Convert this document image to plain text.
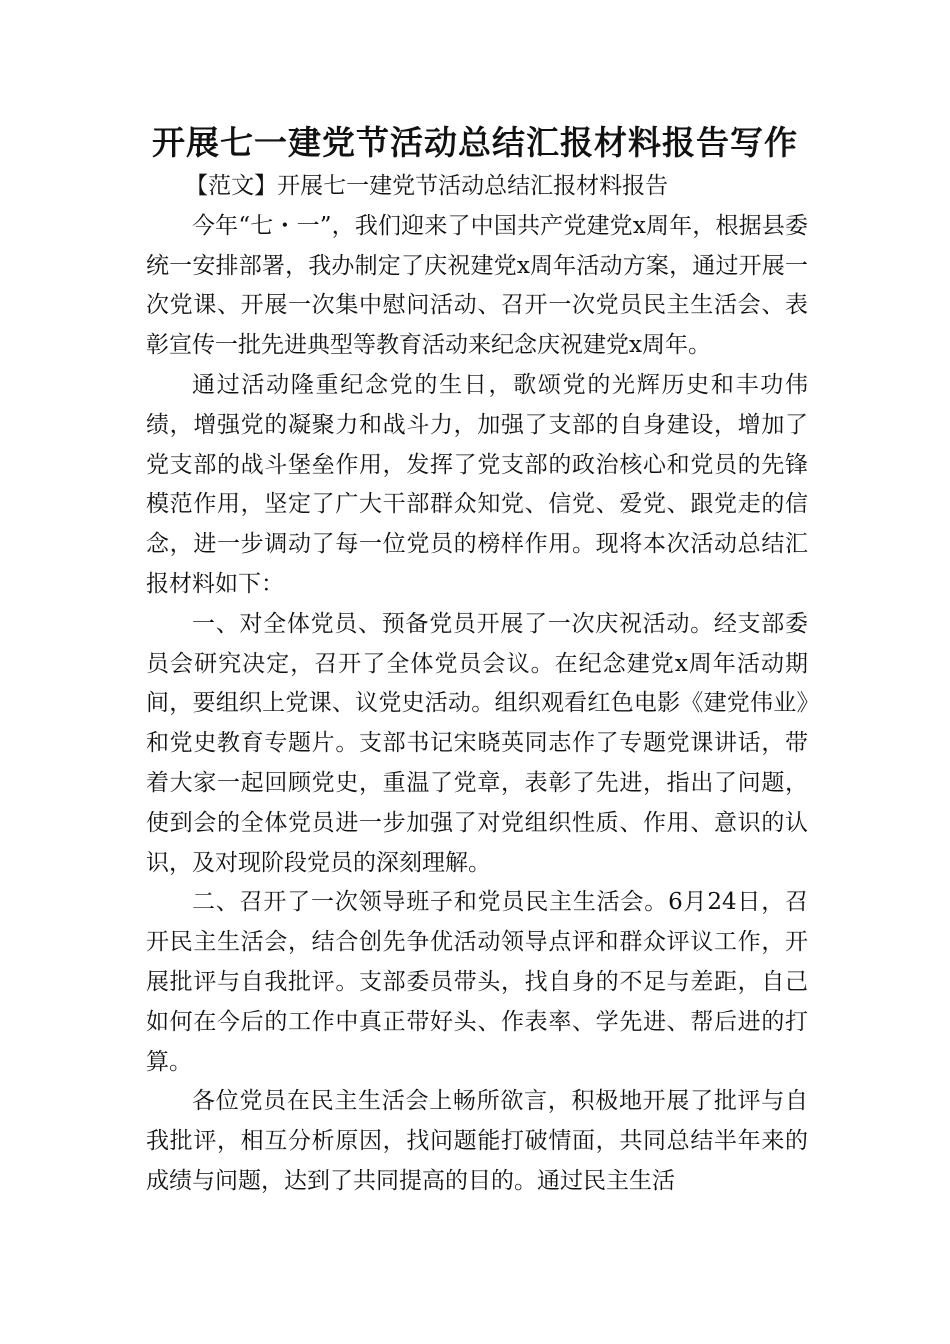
开展七一建党节活动总结汇报材料报告写作

【范文】开展七一建党节活动总结汇报材料报告

今年“七・一”，我们迎来了中国共产党建党x周年，根据县委统一安排部署，我办制定了庆祝建党x周年活动方案，通过开展一次党课、开展一次集中慰问活动、召开一次党员民主生活会、表彰宣传一批先进典型等教育活动来纪念庆祝建党x周年。

通过活动隆重纪念党的生日，歌颂党的光辉历史和丰功伟绩，增强党的凝聚力和战斗力，加强了支部的自身建设，增加了党支部的战斗堡垒作用，发挥了党支部的政治核心和党员的先锋模范作用，坚定了广大干部群众知党、信党、爱党、跟党走的信念，进一步调动了每一位党员的榜样作用。现将本次活动总结汇报材料如下：

一、对全体党员、预备党员开展了一次庆祝活动。经支部委员会研究决定，召开了全体党员会议。在纪念建党x周年活动期间，要组织上党课、议党史活动。组织观看红色电影《建党伟业》和党史教育专题片。支部书记宋晓英同志作了专题党课讲话，带着大家一起回顾党史，重温了党章，表彰了先进，指出了问题，使到会的全体党员进一步加强了对党组织性质、作用、意识的认识，及对现阶段党员的深刻理解。

二、召开了一次领导班子和党员民主生活会。6月24日，召开民主生活会，结合创先争优活动领导点评和群众评议工作，开展批评与自我批评。支部委员带头，找自身的不足与差距，自己如何在今后的工作中真正带好头、作表率、学先进、帮后进的打算。

各位党员在民主生活会上畅所欲言，积极地开展了批评与自我批评，相互分析原因，找问题能打破情面，共同总结半年来的成绩与问题，达到了共同提高的目的。通过民主生活
